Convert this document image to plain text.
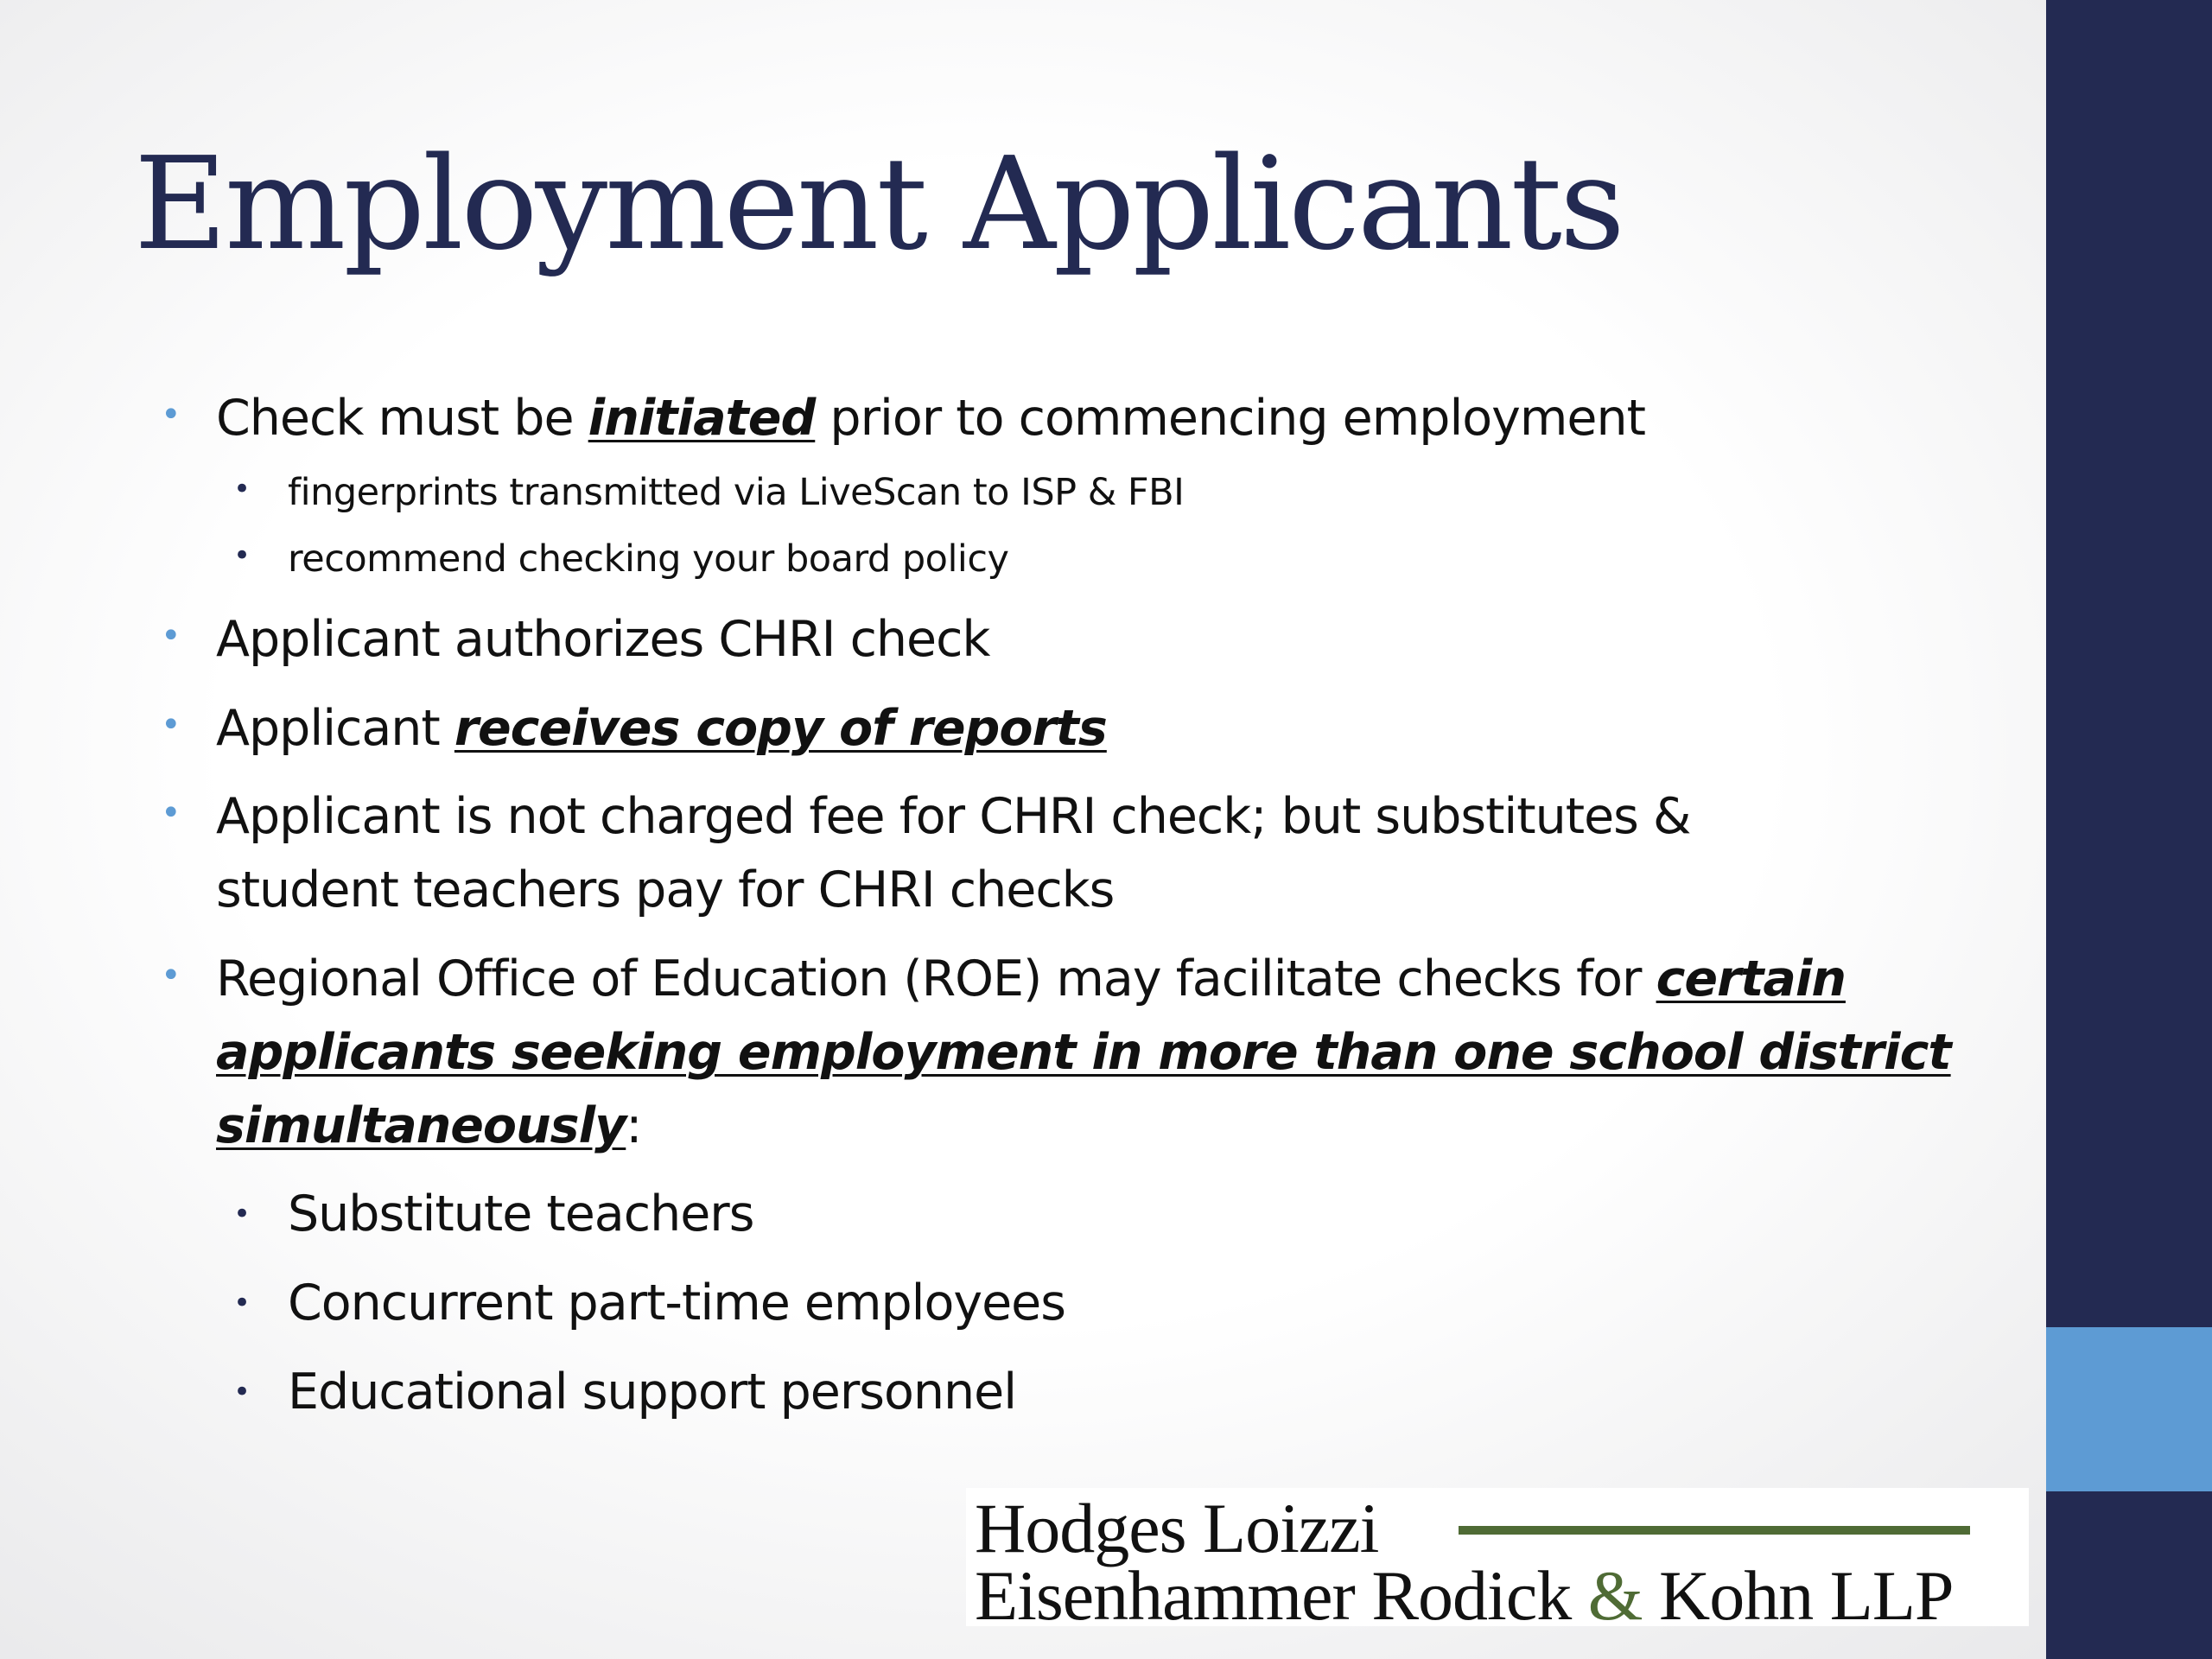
Employment Applicants
• Check must be initiated prior to commencing employment
• fingerprints transmitted via LiveScan to ISP & FBI
• recommend checking your board policy
• Applicant authorizes CHRI check
• Applicant receives copy of reports
• Applicant is not charged fee for CHRI check; but substitutes &
student teachers pay for CHRI checks
• Regional Office of Education (ROE) may facilitate checks for certain
applicants seeking employment in more than one school district
simultaneously:
• Substitute teachers
• Concurrent part-time employees
• Educational support personnel
Hodges Loizzi
Eisenhammer Rodick & Kohn LLP
